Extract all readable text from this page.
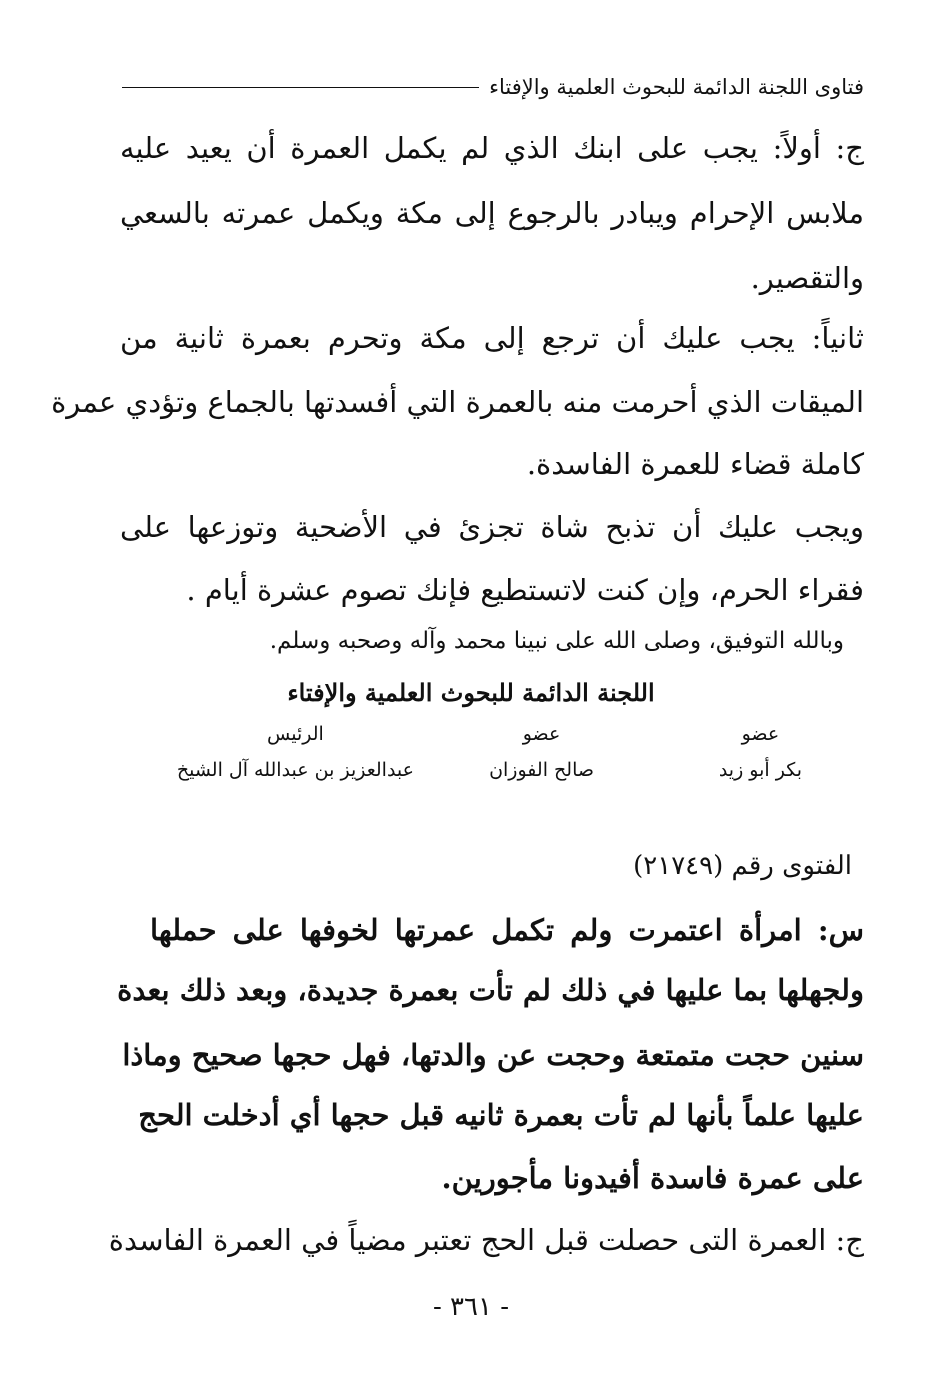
فتاوى اللجنة الدائمة للبحوث العلمية والإفتاء
ج: أولاً: يجب على ابنك الذي لم يكمل العمرة أن يعيد عليه
ملابس الإحرام ويبادر بالرجوع إلى مكة ويكمل عمرته بالسعي
والتقصير.
ثانياً: يجب عليك أن ترجع إلى مكة وتحرم بعمرة ثانية من
الميقات الذي أحرمت منه بالعمرة التي أفسدتها بالجماع وتؤدي عمرة
كاملة قضاء للعمرة الفاسدة.
ويجب عليك أن تذبح شاة تجزئ في الأضحية وتوزعها على
فقراء الحرم، وإن كنت لاتستطيع فإنك تصوم عشرة أيام .
وبالله التوفيق، وصلى الله على نبينا محمد وآله وصحبه وسلم.
اللجنة الدائمة للبحوث العلمية والإفتاء
عضو
بكر أبو زيد
عضو
صالح الفوزان
الرئيس
عبدالعزيز بن عبدالله آل الشيخ
الفتوى رقم (٢١٧٤٩)
س: امرأة اعتمرت ولم تكمل عمرتها لخوفها على حملها
ولجهلها بما عليها في ذلك لم تأت بعمرة جديدة، وبعد ذلك بعدة
سنين حجت متمتعة وحجت عن والدتها، فهل حجها صحيح وماذا
عليها علماً بأنها لم تأت بعمرة ثانيه قبل حجها أي أدخلت الحج
على عمرة فاسدة أفيدونا مأجورين.
ج: العمرة التى حصلت قبل الحج تعتبر مضياً في العمرة الفاسدة
- ٣٦١ -
